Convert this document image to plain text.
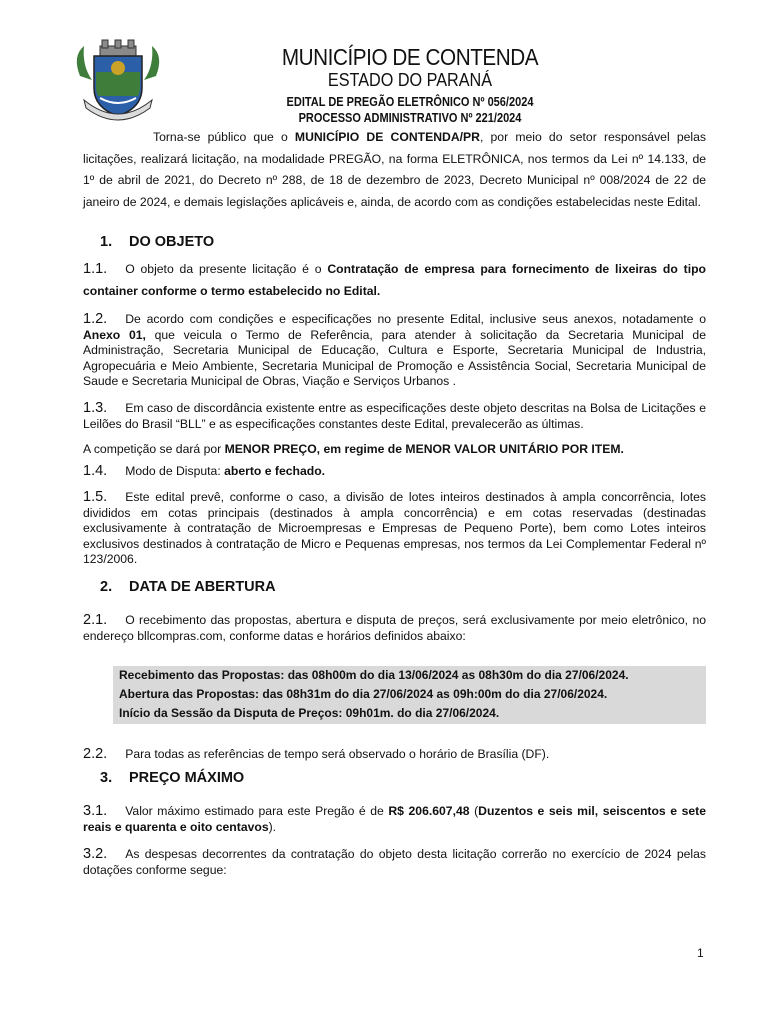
MUNICÍPIO DE CONTENDA
ESTADO DO PARANÁ
EDITAL DE PREGÃO ELETRÔNICO Nº 056/2024
PROCESSO ADMINISTRATIVO Nº 221/2024
Torna-se público que o MUNICÍPIO DE CONTENDA/PR, por meio do setor responsável pelas licitações, realizará licitação, na modalidade PREGÃO, na forma ELETRÔNICA, nos termos da Lei nº 14.133, de 1º de abril de 2021, do Decreto nº 288, de 18 de dezembro de 2023, Decreto Municipal nº 008/2024 de 22 de janeiro de 2024, e demais legislações aplicáveis e, ainda, de acordo com as condições estabelecidas neste Edital.
1. DO OBJETO
1.1. O objeto da presente licitação é o Contratação de empresa para fornecimento de lixeiras do tipo container conforme o termo estabelecido no Edital.
1.2. De acordo com condições e especificações no presente Edital, inclusive seus anexos, notadamente o Anexo 01, que veicula o Termo de Referência, para atender à solicitação da Secretaria Municipal de Administração, Secretaria Municipal de Educação, Cultura e Esporte, Secretaria Municipal de Industria, Agropecuária e Meio Ambiente, Secretaria Municipal de Promoção e Assistência Social, Secretaria Municipal de Saude e Secretaria Municipal de Obras, Viação e Serviços Urbanos .
1.3. Em caso de discordância existente entre as especificações deste objeto descritas na Bolsa de Licitações e Leilões do Brasil “BLL” e as especificações constantes deste Edital, prevalecerão as últimas.
A competição se dará por MENOR PREÇO, em regime de MENOR VALOR UNITÁRIO POR ITEM.
1.4. Modo de Disputa: aberto e fechado.
1.5. Este edital prevê, conforme o caso, a divisão de lotes inteiros destinados à ampla concorrência, lotes divididos em cotas principais (destinados à ampla concorrência) e em cotas reservadas (destinadas exclusivamente à contratação de Microempresas e Empresas de Pequeno Porte), bem como Lotes inteiros exclusivos destinados à contratação de Micro e Pequenas empresas, nos termos da Lei Complementar Federal nº 123/2006.
2. DATA DE ABERTURA
2.1. O recebimento das propostas, abertura e disputa de preços, será exclusivamente por meio eletrônico, no endereço bllcompras.com, conforme datas e horários definidos abaixo:
Recebimento das Propostas: das 08h00m do dia 13/06/2024 as 08h30m do dia 27/06/2024.
Abertura das Propostas: das 08h31m do dia 27/06/2024 as 09h:00m do dia 27/06/2024.
Início da Sessão da Disputa de Preços: 09h01m. do dia 27/06/2024.
2.2. Para todas as referências de tempo será observado o horário de Brasília (DF).
3. PREÇO MÁXIMO
3.1. Valor máximo estimado para este Pregão é de R$ 206.607,48 (Duzentos e seis mil, seiscentos e sete reais e quarenta e oito centavos).
3.2. As despesas decorrentes da contratação do objeto desta licitação correrão no exercício de 2024 pelas dotações conforme segue:
1
